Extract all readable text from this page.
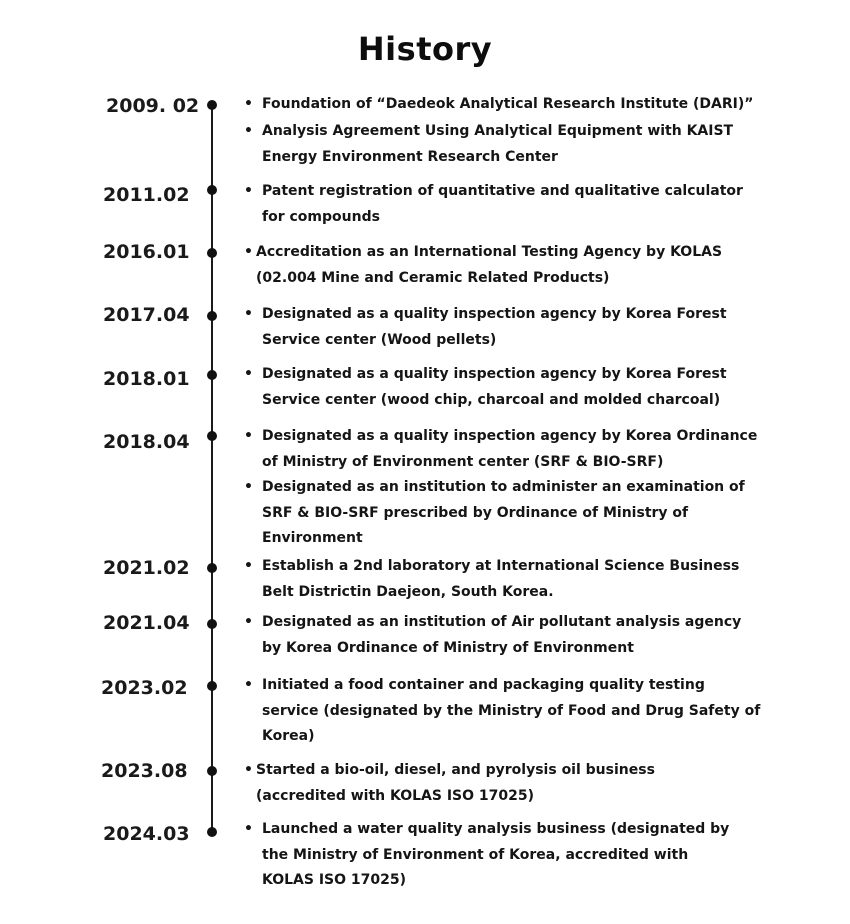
History
2009. 02	• Foundation of “Daedeok Analytical Research Institute (DARI)”
• Analysis Agreement Using Analytical Equipment with KAIST
Energy Environment Research Center
2011.02	• Patent registration of quantitative and qualitative calculator
for compounds
2016.01	• Accreditation as an International Testing Agency by KOLAS
(02.004 Mine and Ceramic Related Products)
2017.04	• Designated as a quality inspection agency by Korea Forest
Service center (Wood pellets)
2018.01	• Designated as a quality inspection agency by Korea Forest
Service center (wood chip, charcoal and molded charcoal)
2018.04	• Designated as a quality inspection agency by Korea Ordinance
of Ministry of Environment center (SRF & BIO-SRF)
• Designated as an institution to administer an examination of
SRF & BIO-SRF prescribed by Ordinance of Ministry of
Environment
2021.02	• Establish a 2nd laboratory at International Science Business
Belt Districtin Daejeon, South Korea.
2021.04	• Designated as an institution of Air pollutant analysis agency
by Korea Ordinance of Ministry of Environment
2023.02	• Initiated a food container and packaging quality testing
service (designated by the Ministry of Food and Drug Safety of
Korea)
2023.08	• Started a bio-oil, diesel, and pyrolysis oil business
(accredited with KOLAS ISO 17025)
2024.03	• Launched a water quality analysis business (designated by
the Ministry of Environment of Korea, accredited with
KOLAS ISO 17025)
